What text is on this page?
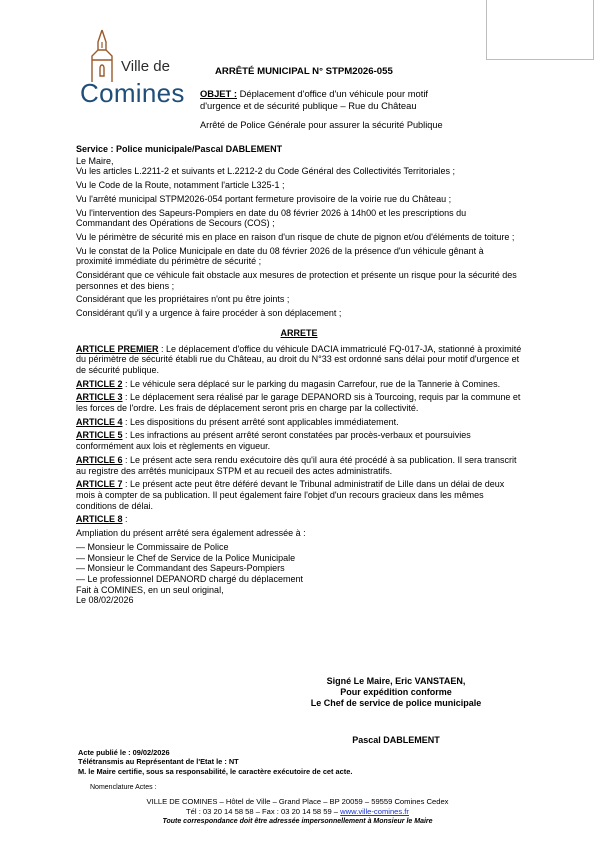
Ville de
Comines
ARRÊTÉ MUNICIPAL N° STPM2026-055
OBJET : Déplacement d'office d'un véhicule pour motif d'urgence et de sécurité publique – Rue du Château
Arrêté de Police Générale pour assurer la sécurité Publique

Service : Police municipale/Pascal DABLEMENT

Le Maire,

Vu les articles L.2211-2 et suivants et L.2212-2 du Code Général des Collectivités Territoriales ;

Vu le Code de la Route, notamment l'article L325-1 ;

Vu l'arrêté municipal STPM2026-054 portant fermeture provisoire de la voirie rue du Château ;

Vu l'intervention des Sapeurs-Pompiers en date du 08 février 2026 à 14h00 et les prescriptions du Commandant des Opérations de Secours (COS) ;

Vu le périmètre de sécurité mis en place en raison d'un risque de chute de pignon et/ou d'éléments de toiture ;

Vu le constat de la Police Municipale en date du 08 février 2026 de la présence d'un véhicule gênant à proximité immédiate du périmètre de sécurité ;

Considérant que ce véhicule fait obstacle aux mesures de protection et présente un risque pour la sécurité des personnes et des biens ;

Considérant que les propriétaires n'ont pu être joints ;

Considérant qu'il y a urgence à faire procéder à son déplacement ;

ARRETE

ARTICLE PREMIER : Le déplacement d'office du véhicule DACIA immatriculé FQ-017-JA, stationné à proximité du périmètre de sécurité établi rue du Château, au droit du N°33 est ordonné sans délai pour motif d'urgence et de sécurité publique.

ARTICLE 2 : Le véhicule sera déplacé sur le parking du magasin Carrefour, rue de la Tannerie à Comines.

ARTICLE 3 : Le déplacement sera réalisé par le garage DEPANORD sis à Tourcoing, requis par la commune et les forces de l'ordre. Les frais de déplacement seront pris en charge par la collectivité.

ARTICLE 4 : Les dispositions du présent arrêté sont applicables immédiatement.

ARTICLE 5 : Les infractions au présent arrêté seront constatées par procès-verbaux et poursuivies conformément aux lois et règlements en vigueur.

ARTICLE 6 : Le présent acte sera rendu exécutoire dès qu'il aura été procédé à sa publication. Il sera transcrit au registre des arrêtés municipaux STPM et au recueil des actes administratifs.

ARTICLE 7 : Le présent acte peut être déféré devant le Tribunal administratif de Lille dans un délai de deux mois à compter de sa publication. Il peut également faire l'objet d'un recours gracieux dans les mêmes conditions de délai.

ARTICLE 8 :

Ampliation du présent arrêté sera également adressée à :

— Monsieur le Commissaire de Police

— Monsieur le Chef de Service de la Police Municipale

— Monsieur le Commandant des Sapeurs-Pompiers

— Le professionnel DEPANORD chargé du déplacement

Fait à COMINES, en un seul original,

Le 08/02/2026

Signé Le Maire, Eric VANSTAEN,
Pour expédition conforme
Le Chef de service de police municipale
Pascal DABLEMENT
Acte publié le : 09/02/2026
Télétransmis au Représentant de l'Etat le : NT
M. le Maire certifie, sous sa responsabilité, le caractère exécutoire de cet acte.
Nomenclature Actes :
VILLE DE COMINES – Hôtel de Ville – Grand Place – BP 20059 – 59559 Comines Cedex
Tél : 03 20 14 58 58 – Fax : 03 20 14 58 59 – www.ville-comines.fr
Toute correspondance doit être adressée impersonnellement à Monsieur le Maire
